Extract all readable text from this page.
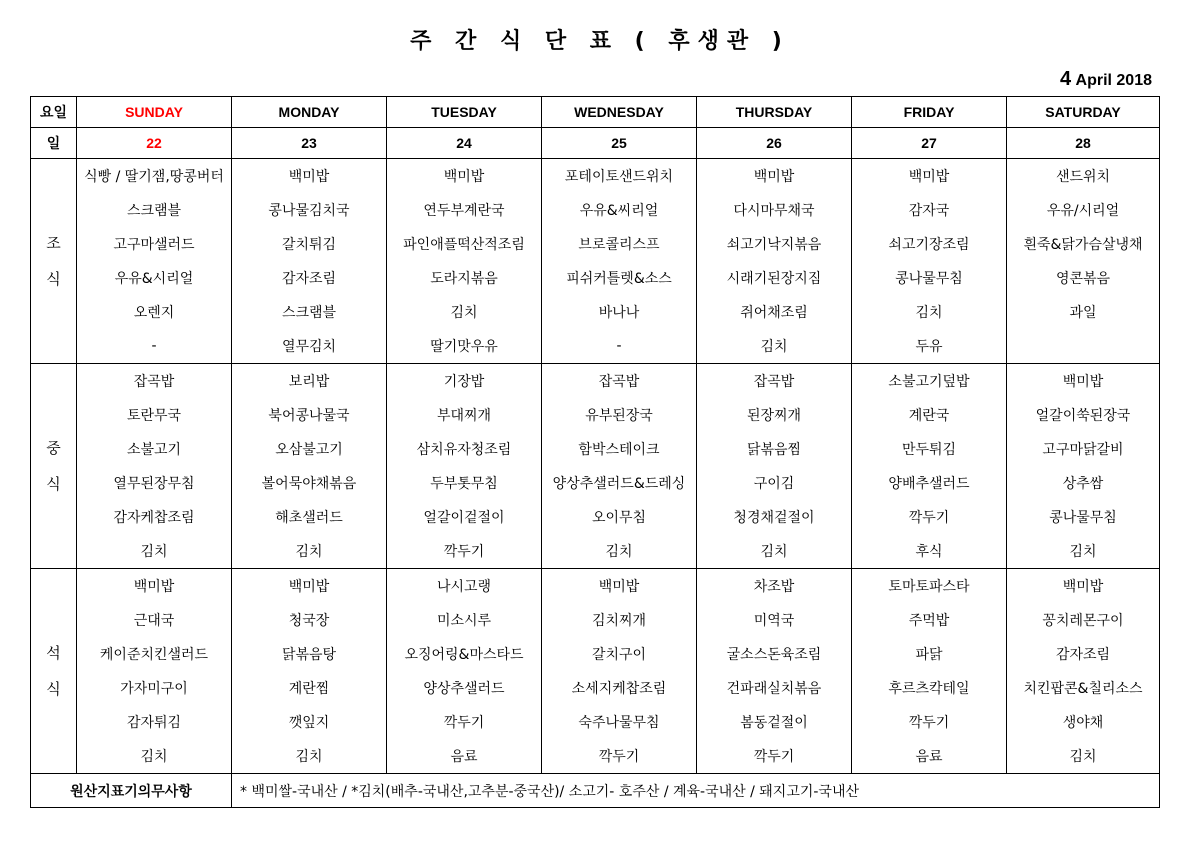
주 간 식 단 표 ( 후생관 )
4 April 2018
요일	SUNDAY	MONDAY	TUESDAY	WEDNESDAY	THURSDAY	FRIDAY	SATURDAY
일	22	23	24	25	26	27	28
조
식	식빵 / 딸기잼,땅콩버터	백미밥	백미밥	포테이토샌드위치	백미밥	백미밥	샌드위치
	스크램블	콩나물김치국	연두부계란국	우유&씨리얼	다시마무채국	감자국	우유/시리얼
	고구마샐러드	갈치튀김	파인애플떡산적조림	브로콜리스프	쇠고기낙지볶음	쇠고기장조림	흰죽&닭가슴살냉채
	우유&시리얼	감자조림	도라지볶음	피쉬커틀렛&소스	시래기된장지짐	콩나물무침	영콘볶음
	오렌지	스크램블	김치	바나나	쥐어채조림	김치	과일
	-	열무김치	딸기맛우유	-	김치	두유	
중
식	잡곡밥	보리밥	기장밥	잡곡밥	잡곡밥	소불고기덮밥	백미밥
	토란무국	북어콩나물국	부대찌개	유부된장국	된장찌개	계란국	얼갈이쑥된장국
	소불고기	오삼불고기	삼치유자청조림	함박스테이크	닭볶음찜	만두튀김	고구마닭갈비
	열무된장무침	볼어묵야채볶음	두부톳무침	양상추샐러드&드레싱	구이김	양배추샐러드	상추쌈
	감자케찹조림	해초샐러드	얼갈이겉절이	오이무침	청경채겉절이	깍두기	콩나물무침
	김치	김치	깍두기	김치	김치	후식	김치
석
식	백미밥	백미밥	나시고랭	백미밥	차조밥	토마토파스타	백미밥
	근대국	청국장	미소시루	김치찌개	미역국	주먹밥	꽁치레몬구이
	케이준치킨샐러드	닭볶음탕	오징어링&마스타드	갈치구이	굴소스돈육조림	파닭	감자조림
	가자미구이	계란찜	양상추샐러드	소세지케찹조림	건파래실치볶음	후르츠칵테일	치킨팝콘&칠리소스
	감자튀김	깻잎지	깍두기	숙주나물무침	봄동겉절이	깍두기	생야채
	김치	김치	음료	깍두기	깍두기	음료	김치
원산지표기의무사항		* 백미쌀-국내산 / *김치(배추-국내산,고추분-중국산)/ 소고기- 호주산 / 계육-국내산 / 돼지고기-국내산					
